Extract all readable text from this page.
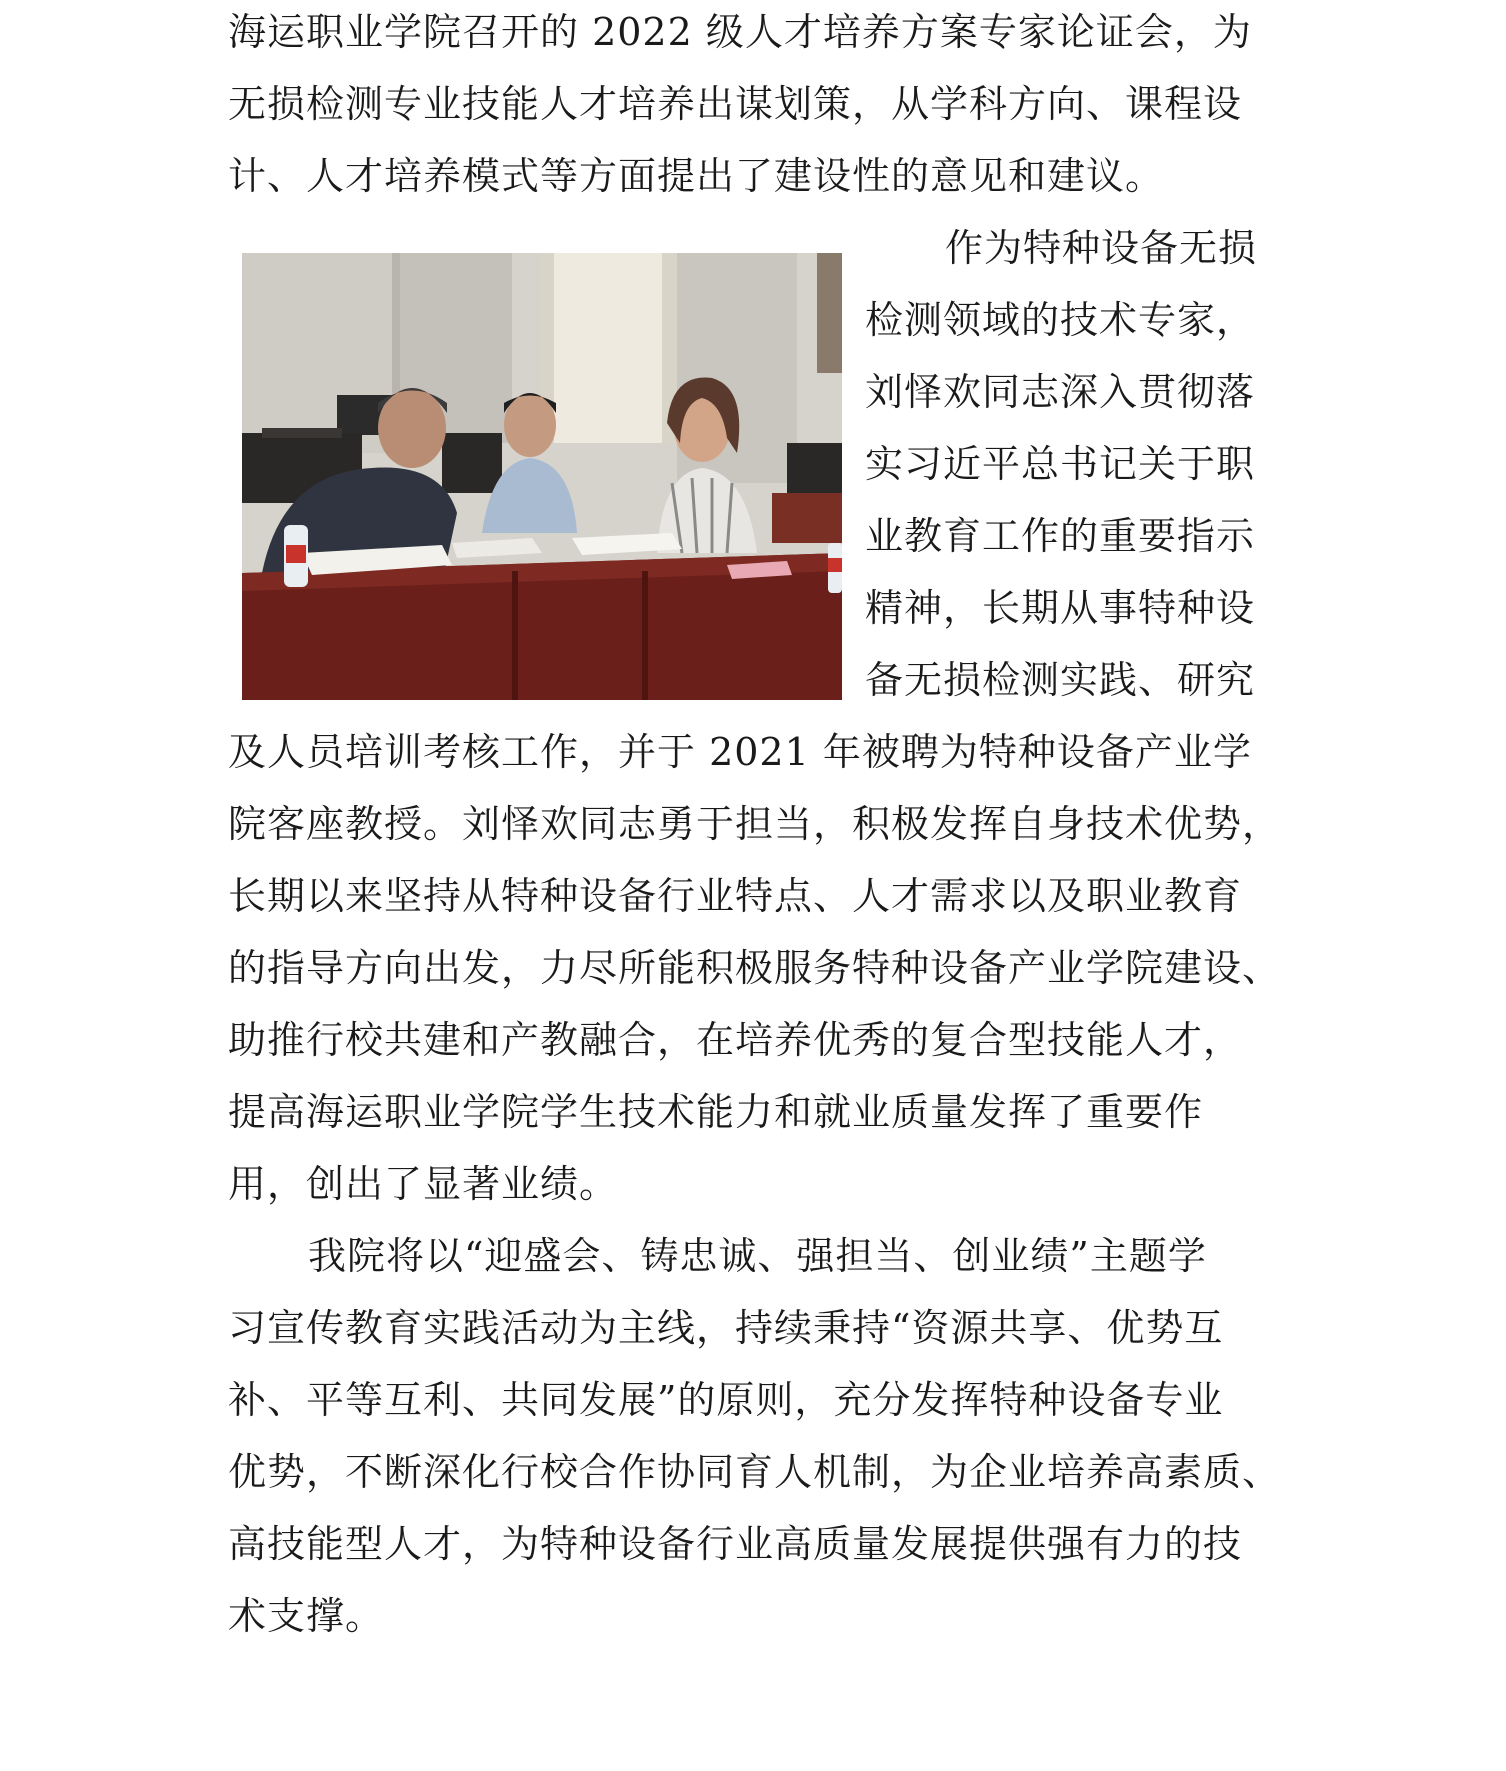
海运职业学院召开的 2022 级人才培养方案专家论证会，为
无损检测专业技能人才培养出谋划策，从学科方向、课程设
计、人才培养模式等方面提出了建设性的意见和建议。
作为特种设备无损
检测领域的技术专家，
刘怿欢同志深入贯彻落
实习近平总书记关于职
业教育工作的重要指示
精神，长期从事特种设
备无损检测实践、研究
及人员培训考核工作，并于 2021 年被聘为特种设备产业学
院客座教授。刘怿欢同志勇于担当，积极发挥自身技术优势，
长期以来坚持从特种设备行业特点、人才需求以及职业教育
的指导方向出发，力尽所能积极服务特种设备产业学院建设、
助推行校共建和产教融合，在培养优秀的复合型技能人才，
提高海运职业学院学生技术能力和就业质量发挥了重要作
用，创出了显著业绩。
我院将以“迎盛会、铸忠诚、强担当、创业绩”主题学
习宣传教育实践活动为主线，持续秉持“资源共享、优势互
补、平等互利、共同发展”的原则，充分发挥特种设备专业
优势，不断深化行校合作协同育人机制，为企业培养高素质、
高技能型人才，为特种设备行业高质量发展提供强有力的技
术支撑。
